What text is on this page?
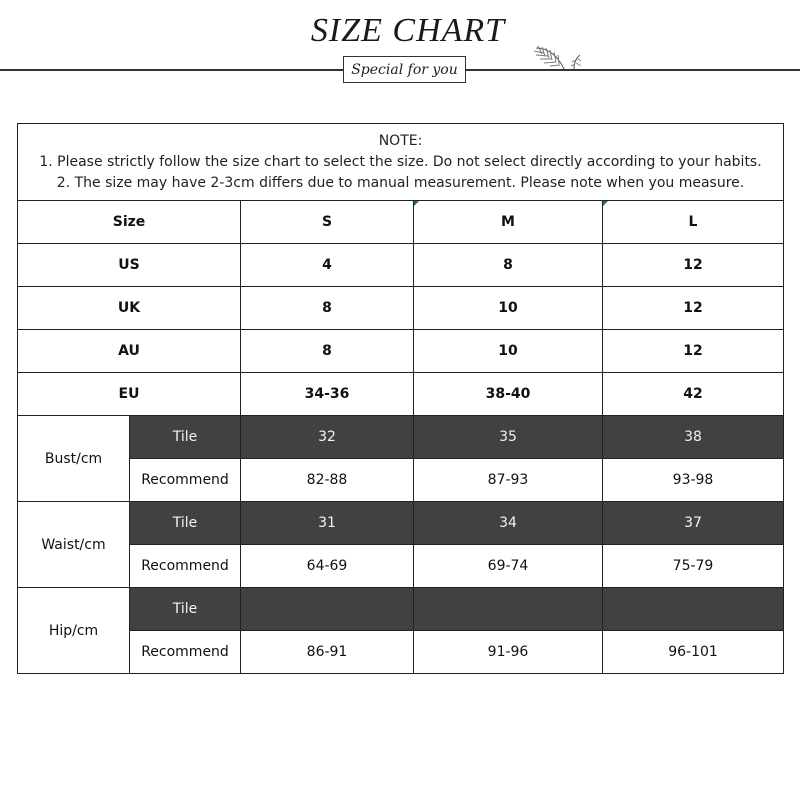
SIZE CHART
Special for you
NOTE:
1. Please strictly follow the size chart to select the size. Do not select directly according to your habits.
2. The size may have 2-3cm differs due to manual measurement. Please note when you measure.				

Size		S	M	L
US		4	8	12
UK		8	10	12
AU		8	10	12
EU		34-36	38-40	42
Bust/cm	Tile	32	35	38
	Recommend	82-88	87-93	93-98
Waist/cm	Tile	31	34	37
	Recommend	64-69	69-74	75-79
Hip/cm	Tile			
	Recommend	86-91	91-96	96-101
